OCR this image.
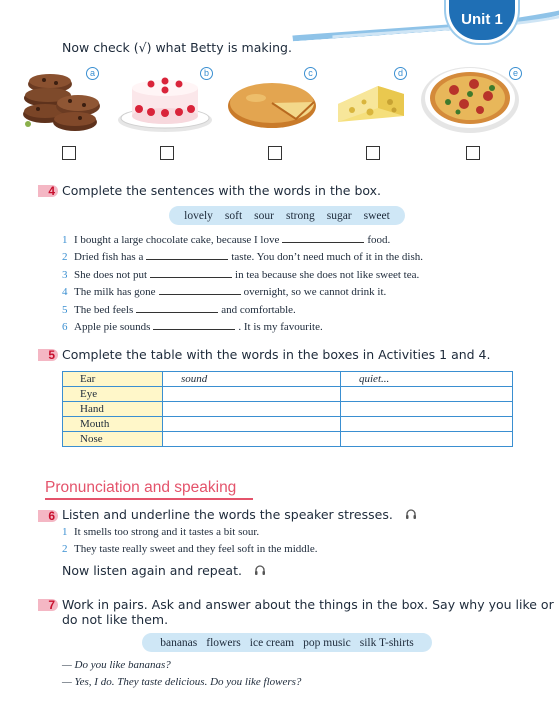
Unit 1
Now check (√) what Betty is making.
a	b	c	d	e
4 Complete the sentences with the words in the box.
lovely soft sour strong sugar sweet
1 I bought a large chocolate cake, because I love	food.
2 Dried fish has a	taste. You don’t need much of it in the dish.
3 She does not put	in tea because she does not like sweet tea.
4 The milk has gone	overnight, so we cannot drink it.
5 The bed feels	and comfortable.
6 Apple pie sounds	. It is my favourite.
5 Complete the table with the words in the boxes in Activities 1 and 4.
Ear	sound	quiet...
Eye		
Hand		
Mouth		
Nose		
Pronunciation and speaking
6 Listen and underline the words the speaker stresses.
1 It smells too strong and it tastes a bit sour.
2 They taste really sweet and they feel soft in the middle.
Now listen again and repeat.
7 Work in pairs. Ask and answer about the things in the box. Say why you like or
do not like them.
bananas flowers ice cream pop music silk T-shirts
— Do you like bananas?
— Yes, I do. They taste delicious. Do you like flowers?
